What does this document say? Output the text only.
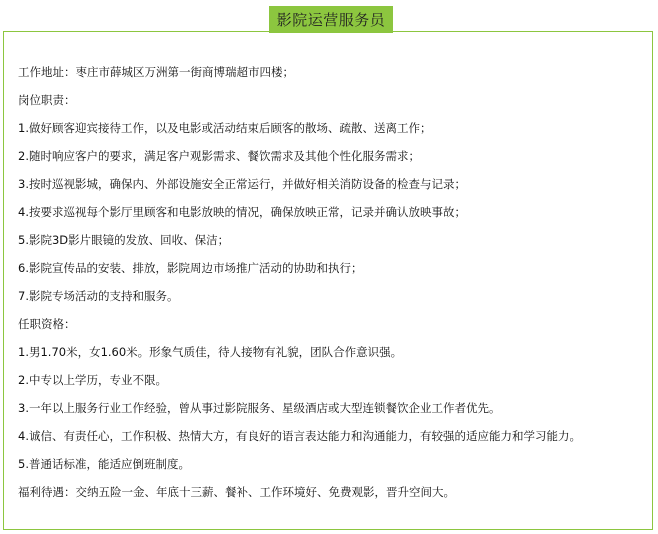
影院运营服务员
工作地址：枣庄市薛城区万洲第一街商博瑞超市四楼；
岗位职责：
1.做好顾客迎宾接待工作，以及电影或活动结束后顾客的散场、疏散、送离工作；
2.随时响应客户的要求，满足客户观影需求、餐饮需求及其他个性化服务需求；
3.按时巡视影城，确保内、外部设施安全正常运行，并做好相关消防设备的检查与记录；
4.按要求巡视每个影厅里顾客和电影放映的情况，确保放映正常，记录并确认放映事故；
5.影院3D影片眼镜的发放、回收、保洁；
6.影院宣传品的安装、排放，影院周边市场推广活动的协助和执行；
7.影院专场活动的支持和服务。
任职资格：
1.男1.70米，女1.60米。形象气质佳，待人接物有礼貌，团队合作意识强。
2.中专以上学历，专业不限。
3.一年以上服务行业工作经验，曾从事过影院服务、星级酒店或大型连锁餐饮企业工作者优先。
4.诚信、有责任心，工作积极、热情大方，有良好的语言表达能力和沟通能力，有较强的适应能力和学习能力。
5.普通话标准，能适应倒班制度。
福利待遇：交纳五险一金、年底十三薪、餐补、工作环境好、免费观影，晋升空间大。
